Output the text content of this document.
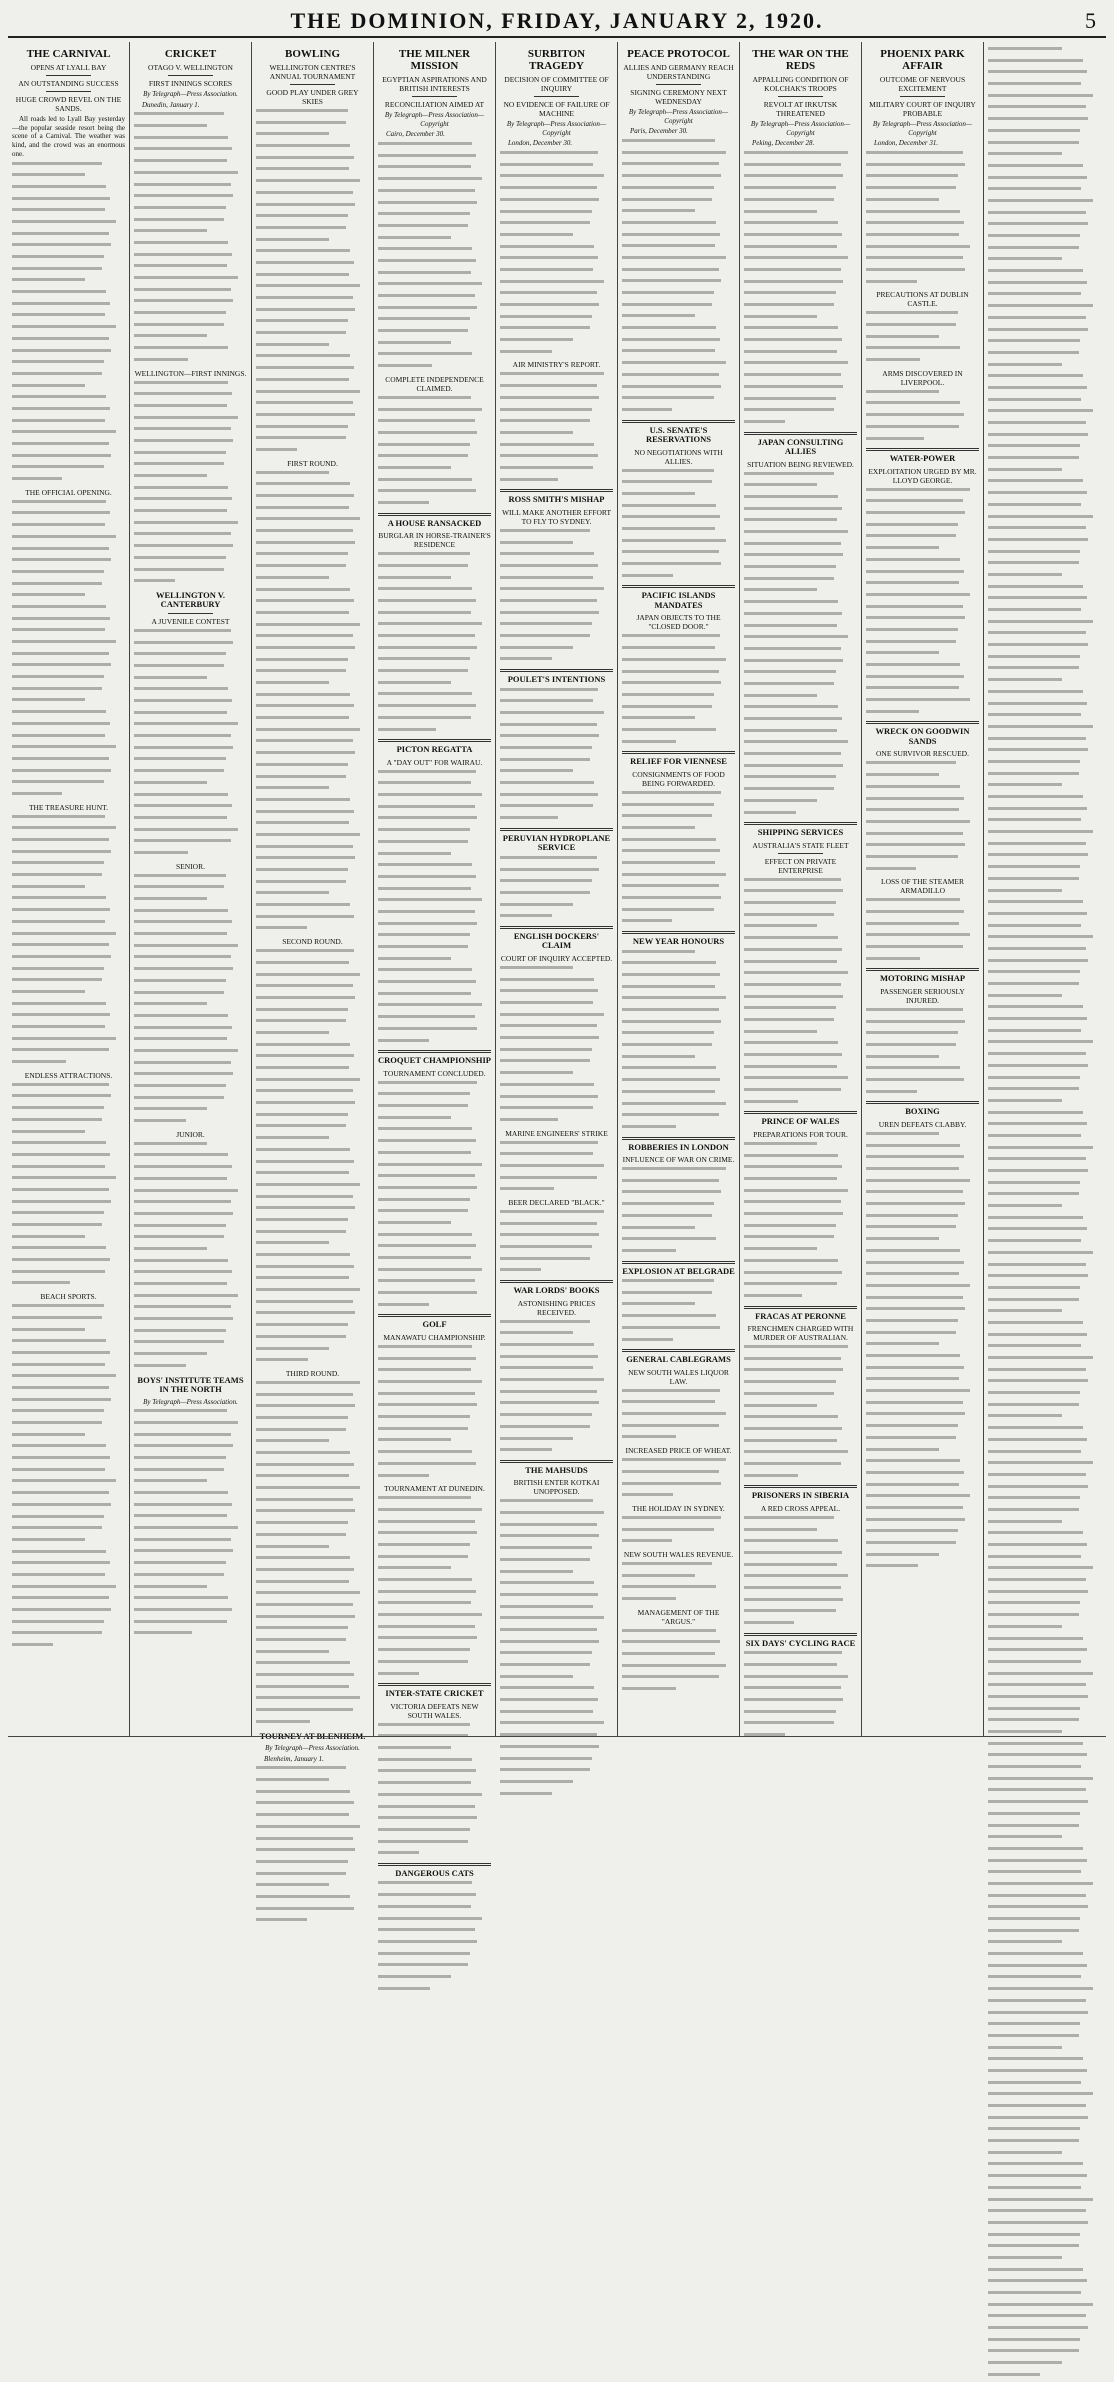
THE DOMINION, FRIDAY, JANUARY 2, 1920.	5
THE CARNIVAL
OPENS AT LYALL BAY
AN OUTSTANDING SUCCESS
HUGE CROWD REVEL ON THE SANDS.
All roads led to Lyall Bay yesterday—the popular seaside resort being the scene of a Carnival. The weather was kind, and the crowd was an enormous one.
THE OFFICIAL OPENING.
THE TREASURE HUNT.
ENDLESS ATTRACTIONS.
BEACH SPORTS.
CRICKET
OTAGO V. WELLINGTON
FIRST INNINGS SCORES
By Telegraph—Press Association.
Dunedin, January 1.
WELLINGTON—FIRST INNINGS.
WELLINGTON V. CANTERBURY
A JUVENILE CONTEST
SENIOR.
JUNIOR.
BOYS' INSTITUTE TEAMS IN THE NORTH
By Telegraph—Press Association.
BOWLING
WELLINGTON CENTRE'S ANNUAL TOURNAMENT
GOOD PLAY UNDER GREY SKIES
FIRST ROUND.
SECOND ROUND.
THIRD ROUND.
TOURNEY AT BLENHEIM.
By Telegraph—Press Association.
Blenheim, January 1.
THE MILNER MISSION
EGYPTIAN ASPIRATIONS AND BRITISH INTERESTS
RECONCILIATION AIMED AT
By Telegraph—Press Association—Copyright
Cairo, December 30.
COMPLETE INDEPENDENCE CLAIMED.
A HOUSE RANSACKED
BURGLAR IN HORSE-TRAINER'S RESIDENCE
PICTON REGATTA
A "DAY OUT" FOR WAIRAU.
CROQUET CHAMPIONSHIP
TOURNAMENT CONCLUDED.
GOLF
MANAWATU CHAMPIONSHIP.
TOURNAMENT AT DUNEDIN.
INTER-STATE CRICKET
VICTORIA DEFEATS NEW SOUTH WALES.
DANGEROUS CATS
SURBITON TRAGEDY
DECISION OF COMMITTEE OF INQUIRY
NO EVIDENCE OF FAILURE OF MACHINE
By Telegraph—Press Association—Copyright
London, December 30.
AIR MINISTRY'S REPORT.
ROSS SMITH'S MISHAP
WILL MAKE ANOTHER EFFORT TO FLY TO SYDNEY.
POULET'S INTENTIONS
PERUVIAN HYDROPLANE SERVICE
ENGLISH DOCKERS' CLAIM
COURT OF INQUIRY ACCEPTED.
MARINE ENGINEERS' STRIKE
BEER DECLARED "BLACK."
WAR LORDS' BOOKS
ASTONISHING PRICES RECEIVED.
THE MAHSUDS
BRITISH ENTER KOTKAI UNOPPOSED.
PEACE PROTOCOL
ALLIES AND GERMANY REACH UNDERSTANDING
SIGNING CEREMONY NEXT WEDNESDAY
By Telegraph—Press Association—Copyright
Paris, December 30.
U.S. SENATE'S RESERVATIONS
NO NEGOTIATIONS WITH ALLIES.
PACIFIC ISLANDS MANDATES
JAPAN OBJECTS TO THE "CLOSED DOOR."
RELIEF FOR VIENNESE
CONSIGNMENTS OF FOOD BEING FORWARDED.
NEW YEAR HONOURS
ROBBERIES IN LONDON
INFLUENCE OF WAR ON CRIME.
EXPLOSION AT BELGRADE
GENERAL CABLEGRAMS
NEW SOUTH WALES LIQUOR LAW.
INCREASED PRICE OF WHEAT.
THE HOLIDAY IN SYDNEY.
NEW SOUTH WALES REVENUE.
MANAGEMENT OF THE "ARGUS."
THE WAR ON THE REDS
APPALLING CONDITION OF KOLCHAK'S TROOPS
REVOLT AT IRKUTSK THREATENED
By Telegraph—Press Association—Copyright
Peking, December 28.
JAPAN CONSULTING ALLIES
SITUATION BEING REVIEWED.
SHIPPING SERVICES
AUSTRALIA'S STATE FLEET
EFFECT ON PRIVATE ENTERPRISE
PRINCE OF WALES
PREPARATIONS FOR TOUR.
FRACAS AT PERONNE
FRENCHMEN CHARGED WITH MURDER OF AUSTRALIAN.
PRISONERS IN SIBERIA
A RED CROSS APPEAL.
SIX DAYS' CYCLING RACE
PHOENIX PARK AFFAIR
OUTCOME OF NERVOUS EXCITEMENT
MILITARY COURT OF INQUIRY PROBABLE
By Telegraph—Press Association—Copyright
London, December 31.
PRECAUTIONS AT DUBLIN CASTLE.
ARMS DISCOVERED IN LIVERPOOL.
WATER-POWER
EXPLOITATION URGED BY MR. LLOYD GEORGE.
WRECK ON GOODWIN SANDS
ONE SURVIVOR RESCUED.
LOSS OF THE STEAMER ARMADILLO
MOTORING MISHAP
PASSENGER SERIOUSLY INJURED.
BOXING
UREN DEFEATS CLABBY.
